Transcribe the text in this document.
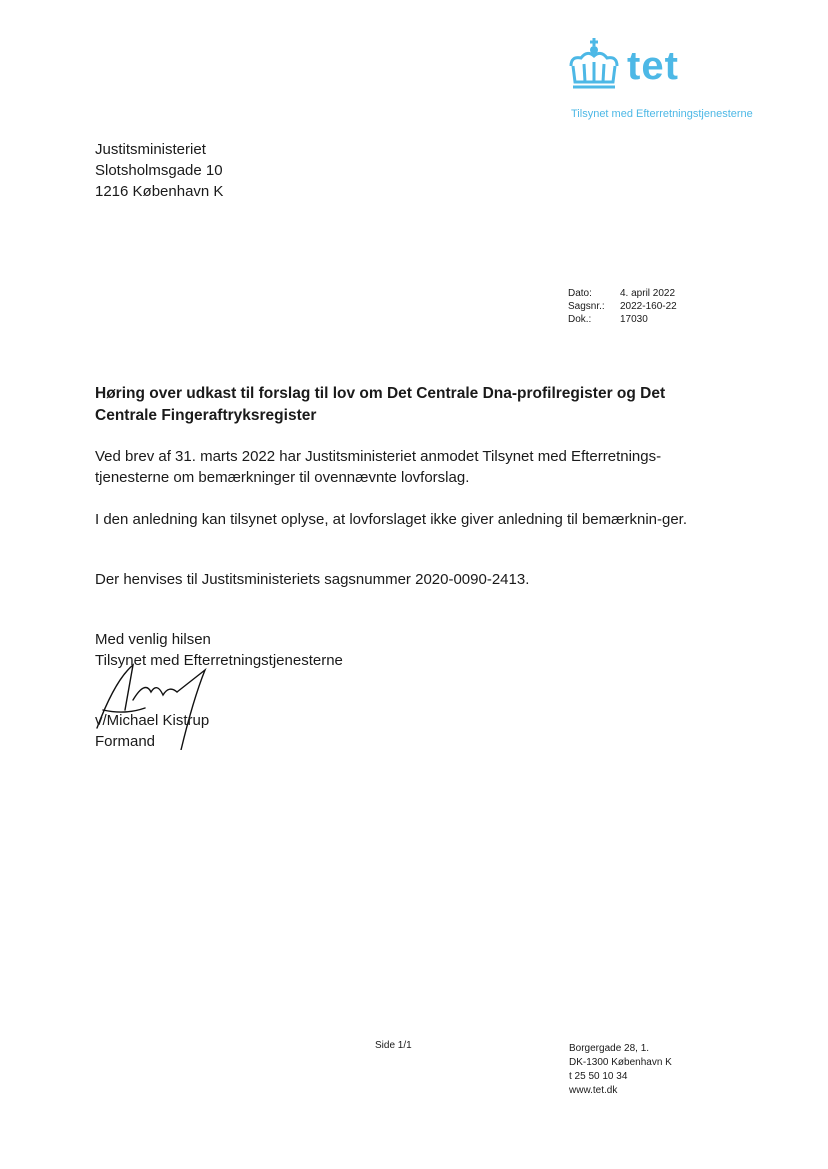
tet
Tilsynet med Efterretningstjenesterne
Justitsministeriet
Slotsholmsgade 10
1216 København K
Dato:	4. april 2022
Sagsnr.:	2022-160-22
Dok.:	17030
Høring over udkast til forslag til lov om Det Centrale Dna-profilregister og Det Centrale Fingeraftryksregister
Ved brev af 31. marts 2022 har Justitsministeriet anmodet Tilsynet med Efterretnings-tjenesterne om bemærkninger til ovennævnte lovforslag.
I den anledning kan tilsynet oplyse, at lovforslaget ikke giver anledning til bemærknin-ger.
Der henvises til Justitsministeriets sagsnummer 2020-0090-2413.
Med venlig hilsen
Tilsynet med Efterretningstjenesterne
v/Michael Kistrup
Formand
Side 1/1	Borgergade 28, 1.
DK-1300 København K
t 25 50 10 34
www.tet.dk
